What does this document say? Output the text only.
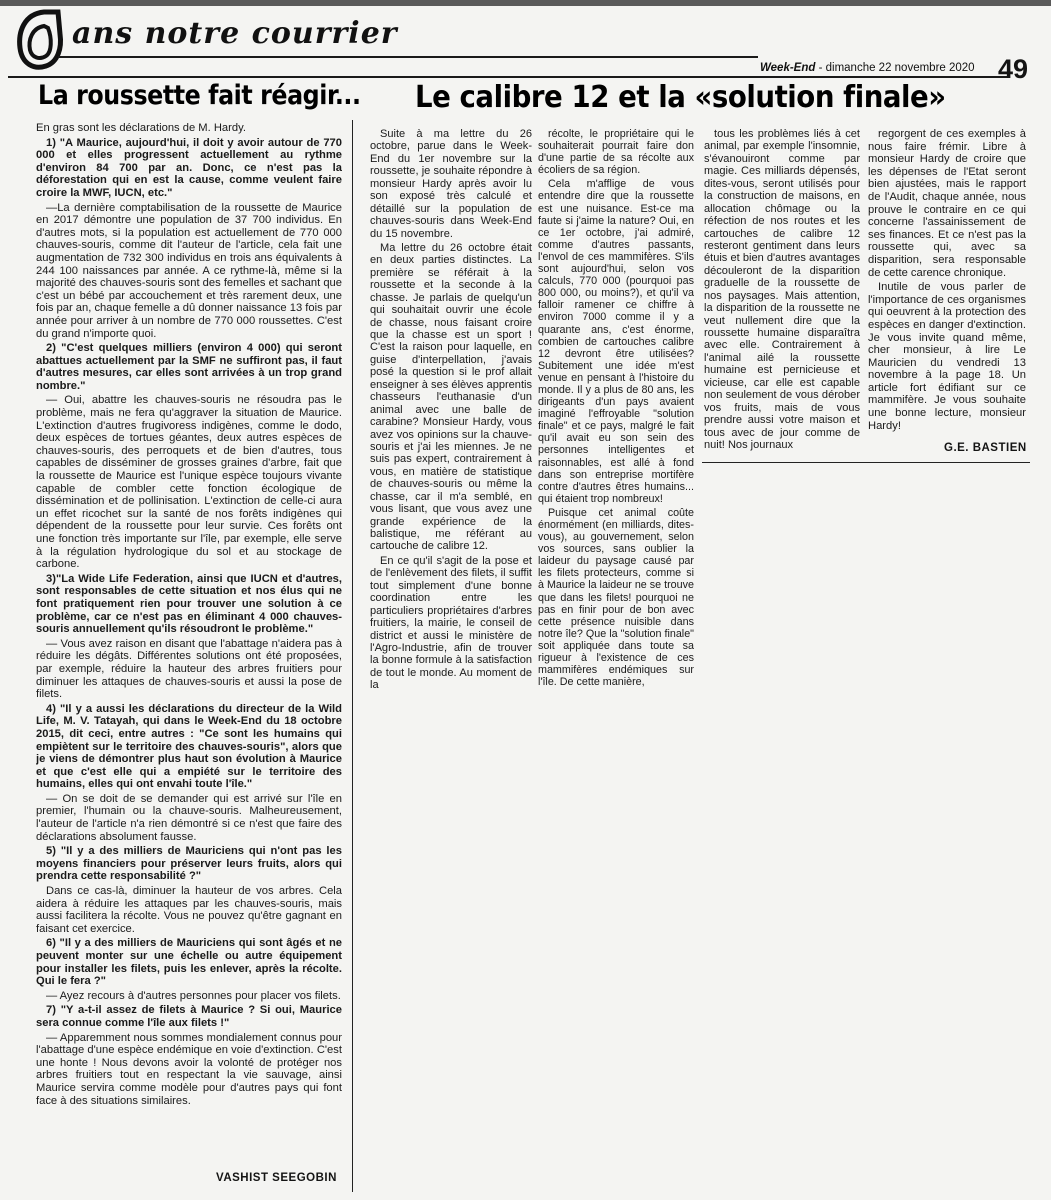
ans notre courrier
Week-End - dimanche 22 novembre 2020 49
La roussette fait réagir...

En gras sont les déclarations de M. Hardy.

1) "A Maurice, aujourd'hui, il doit y avoir autour de 770 000 et elles progressent actuellement au rythme d'environ 84 700 par an. Donc, ce n'est pas la déforestation qui en est la cause, comme veulent faire croire la MWF, IUCN, etc."

—La dernière comptabilisation de la roussette de Maurice en 2017 démontre une population de 37 700 individus. En d'autres mots, si la population est actuellement de 770 000 chauves-souris, comme dit l'auteur de l'article, cela fait une augmentation de 732 300 individus en trois ans équivalents à 244 100 naissances par année. A ce rythme-là, même si la majorité des chauves-souris sont des femelles et sachant que c'est un bébé par accouchement et très rarement deux, une fois par an, chaque femelle a dû donner naissance 13 fois par année pour arriver à un nombre de 770 000 roussettes. C'est du grand n'importe quoi.

2) "C'est quelques milliers (environ 4 000) qui seront abattues actuellement par la SMF ne suffiront pas, il faut d'autres mesures, car elles sont arrivées à un trop grand nombre."

— Oui, abattre les chauves-souris ne résoudra pas le problème, mais ne fera qu'aggraver la situation de Maurice. L'extinction d'autres frugivoress indigènes, comme le dodo, deux espèces de tortues géantes, deux autres espèces de chauves-souris, des perroquets et de bien d'autres, tous capables de disséminer de grosses graines d'arbre, fait que la roussette de Maurice est l'unique espèce toujours vivante capable de combler cette fonction écologique de dissémination et de pollinisation. L'extinction de celle-ci aura un effet ricochet sur la santé de nos forêts indigènes qui dépendent de la roussette pour leur survie. Ces forêts ont une fonction très importante sur l'île, par exemple, elle serve à la régulation hydrologique du sol et au stockage de carbone.

3)"La Wide Life Federation, ainsi que IUCN et d'autres, sont responsables de cette situation et nos élus qui ne font pratiquement rien pour trouver une solution à ce problème, car ce n'est pas en éliminant 4 000 chauves-souris annuellement qu'ils résoudront le problème."

— Vous avez raison en disant que l'abattage n'aidera pas à réduire les dégâts. Différentes solutions ont été proposées, par exemple, réduire la hauteur des arbres fruitiers pour diminuer les attaques de chauves-souris et aussi la pose de filets.

4) "Il y a aussi les déclarations du directeur de la Wild Life, M. V. Tatayah, qui dans le Week-End du 18 octobre 2015, dit ceci, entre autres : "Ce sont les humains qui empiètent sur le territoire des chauves-souris", alors que je viens de démontrer plus haut son évolution à Maurice et que c'est elle qui a empiété sur le territoire des humains, elles qui ont envahi toute l'île."

— On se doit de se demander qui est arrivé sur l'île en premier, l'humain ou la chauve-souris. Malheureusement, l'auteur de l'article n'a rien démontré si ce n'est que faire des déclarations absolument fausse.

5) "Il y a des milliers de Mauriciens qui n'ont pas les moyens financiers pour préserver leurs fruits, alors qui prendra cette responsabilité ?"

Dans ce cas-là, diminuer la hauteur de vos arbres. Cela aidera à réduire les attaques par les chauves-souris, mais aussi facilitera la récolte. Vous ne pouvez qu'être gagnant en faisant cet exercice.

6) "Il y a des milliers de Mauriciens qui sont âgés et ne peuvent monter sur une échelle ou autre équipement pour installer les filets, puis les enlever, après la récolte. Qui le fera ?"

— Ayez recours à d'autres personnes pour placer vos filets.

7) "Y a-t-il assez de filets à Maurice ? Si oui, Maurice sera connue comme l'île aux filets !"

— Apparemment nous sommes mondialement connus pour l'abattage d'une espèce endémique en voie d'extinction. C'est une honte ! Nous devons avoir la volonté de protéger nos arbres fruitiers tout en respectant la vie sauvage, ainsi Maurice servira comme modèle pour d'autres pays qui font face à des situations similaires.

VASHIST SEEGOBIN
Le calibre 12 et la «solution finale»

Suite à ma lettre du 26 octobre, parue dans le Week-End du 1er novembre sur la roussette, je souhaite répondre à monsieur Hardy après avoir lu son exposé très calculé et détaillé sur la population de chauves-souris dans Week-End du 15 novembre.

Ma lettre du 26 octobre était en deux parties distinctes. La première se référait à la roussette et la seconde à la chasse. Je parlais de quelqu'un qui souhaitait ouvrir une école de chasse, nous faisant croire que la chasse est un sport ! C'est la raison pour laquelle, en guise d'interpellation, j'avais posé la question si le prof allait enseigner à ses élèves apprentis chasseurs l'euthanasie d'un animal avec une balle de carabine? Monsieur Hardy, vous avez vos opinions sur la chauve-souris et j'ai les miennes. Je ne suis pas expert, contrairement à vous, en matière de statistique de chauves-souris ou même la chasse, car il m'a semblé, en vous lisant, que vous avez une grande expérience de la balistique, me référant au cartouche de calibre 12.

En ce qu'il s'agit de la pose et de l'enlèvement des filets, il suffit tout simplement d'une bonne coordination entre les particuliers propriétaires d'arbres fruitiers, la mairie, le conseil de district et aussi le ministère de l'Agro-Industrie, afin de trouver la bonne formule à la satisfaction de tout le monde. Au moment de la

récolte, le propriétaire qui le souhaiterait pourrait faire don d'une partie de sa récolte aux écoliers de sa région.

Cela m'afflige de vous entendre dire que la roussette est une nuisance. Est-ce ma faute si j'aime la nature? Oui, en ce 1er octobre, j'ai admiré, comme d'autres passants, l'envol de ces mammifères. S'ils sont aujourd'hui, selon vos calculs, 770 000 (pourquoi pas 800 000, ou moins?), et qu'il va falloir ramener ce chiffre à environ 7000 comme il y a quarante ans, c'est énorme, combien de cartouches calibre 12 devront être utilisées? Subitement une idée m'est venue en pensant à l'histoire du monde. Il y a plus de 80 ans, les dirigeants d'un pays avaient imaginé l'effroyable "solution finale" et ce pays, malgré le fait qu'il avait eu son sein des personnes intelligentes et raisonnables, est allé à fond dans son entreprise mortifère contre d'autres êtres humains... qui étaient trop nombreux!

Puisque cet animal coûte énormément (en milliards, dites-vous), au gouvernement, selon vos sources, sans oublier la laideur du paysage causé par les filets protecteurs, comme si à Maurice la laideur ne se trouve que dans les filets! pourquoi ne pas en finir pour de bon avec cette présence nuisible dans notre île? Que la "solution finale" soit appliquée dans toute sa rigueur à l'existence de ces mammifères endémiques sur l'île. De cette manière,

tous les problèmes liés à cet animal, par exemple l'insomnie, s'évanouiront comme par magie. Ces milliards dépensés, dites-vous, seront utilisés pour la construction de maisons, en allocation chômage ou la réfection de nos routes et les cartouches de calibre 12 resteront gentiment dans leurs étuis et bien d'autres avantages découleront de la disparition graduelle de la roussette de nos paysages. Mais attention, la disparition de la roussette ne veut nullement dire que la roussette humaine disparaîtra avec elle. Contrairement à l'animal ailé la roussette humaine est pernicieuse et vicieuse, car elle est capable non seulement de vous dérober vos fruits, mais de vous prendre aussi votre maison et tous avec de jour comme de nuit! Nos journaux

regorgent de ces exemples à nous faire frémir. Libre à monsieur Hardy de croire que les dépenses de l'Etat seront bien ajustées, mais le rapport de l'Audit, chaque année, nous prouve le contraire en ce qui concerne l'assainissement de ses finances. Et ce n'est pas la roussette qui, avec sa disparition, sera responsable de cette carence chronique.

Inutile de vous parler de l'importance de ces organismes qui oeuvrent à la protection des espèces en danger d'extinction. Je vous invite quand même, cher monsieur, à lire Le Mauricien du vendredi 13 novembre à la page 18. Un article fort édifiant sur ce mammifère. Je vous souhaite une bonne lecture, monsieur Hardy!

G.E. BASTIEN
